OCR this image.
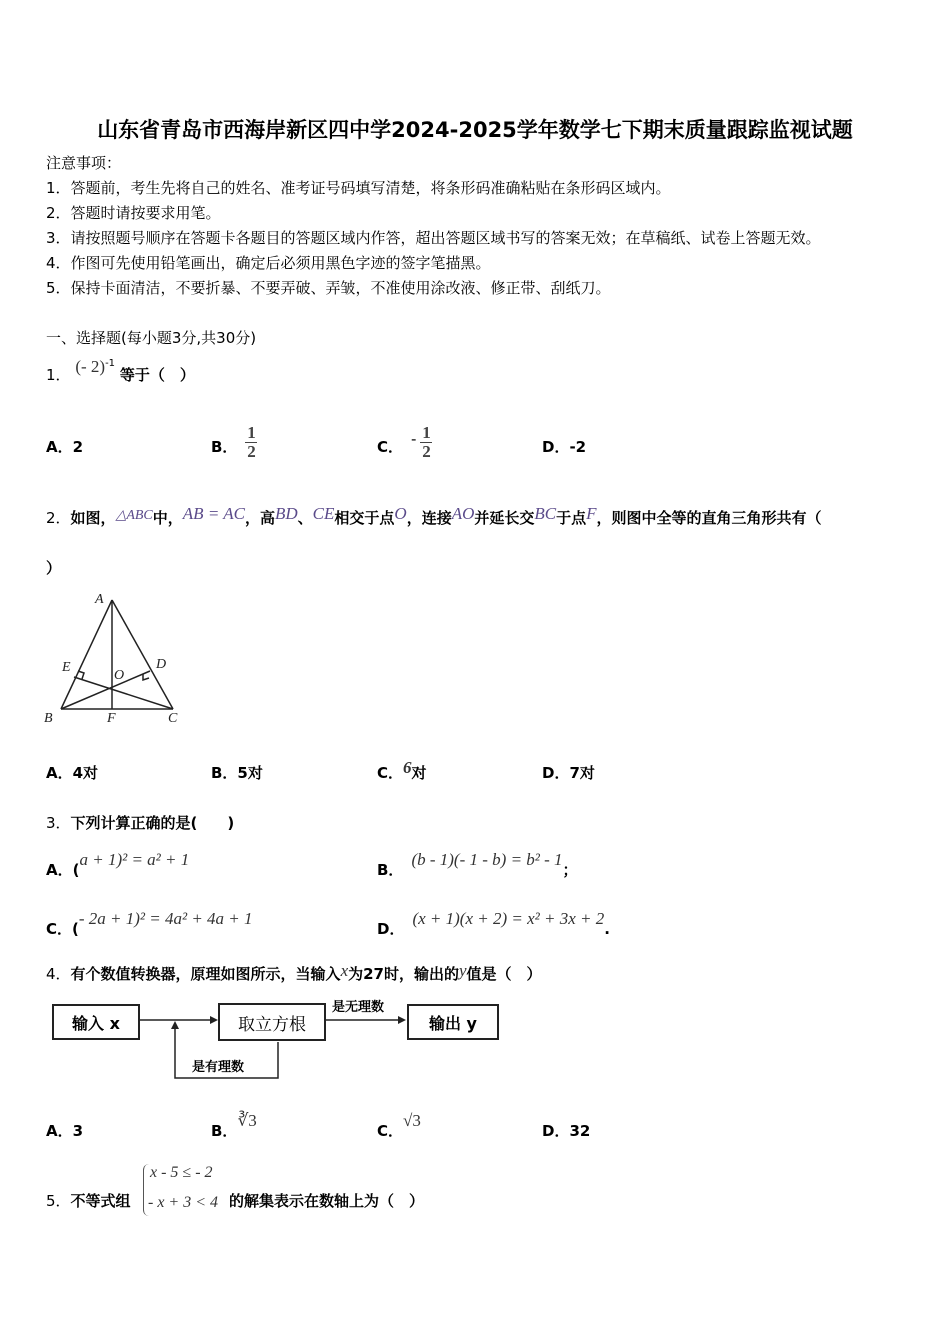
山东省青岛市西海岸新区四中学2024-2025学年数学七下期末质量跟踪监视试题
注意事项：
1．答题前，考生先将自己的姓名、准考证号码填写清楚，将条形码准确粘贴在条形码区域内。
2．答题时请按要求用笔。
3．请按照题号顺序在答题卡各题目的答题区域内作答，超出答题区域书写的答案无效；在草稿纸、试卷上答题无效。
4．作图可先使用铅笔画出，确定后必须用黑色字迹的签字笔描黑。
5．保持卡面清洁，不要折暴、不要弄破、弄皱，不准使用涂改液、修正带、刮纸刀。
一、选择题(每小题3分,共30分)
1． (- 2)$^{-1}$ 等于（　）
A．2	B． $\frac{1}{2}$	C． - $\frac{1}{2}$	D．-2
2．如图，△ABC中，AB = AC，高BD、CE相交于点O，连接AO并延长交BC于点F，则图中全等的直角三角形共有（
）
A
B	C
D
E
F
O
A．4对	B．5对	C．6对	D．7对
3．下列计算正确的是(　　)
A．(a + 1)² = a² + 1
B．(b - 1)(- 1 - b) = b² - 1；
C．(- 2a + 1)² = 4a² + 4a + 1
D．(x + 1)(x + 2) = x² + 3x + 2.
4．有个数值转换器，原理如图所示，当输入x为27时，输出的y值是（　）
输入 x	取立方根	输出 y
是无理数
是有理数
A．3	B．∛3
C．√3
D．32
5．不等式组
x - 5 ≤ - 2
- x + 3 < 4 的解集表示在数轴上为（　）
